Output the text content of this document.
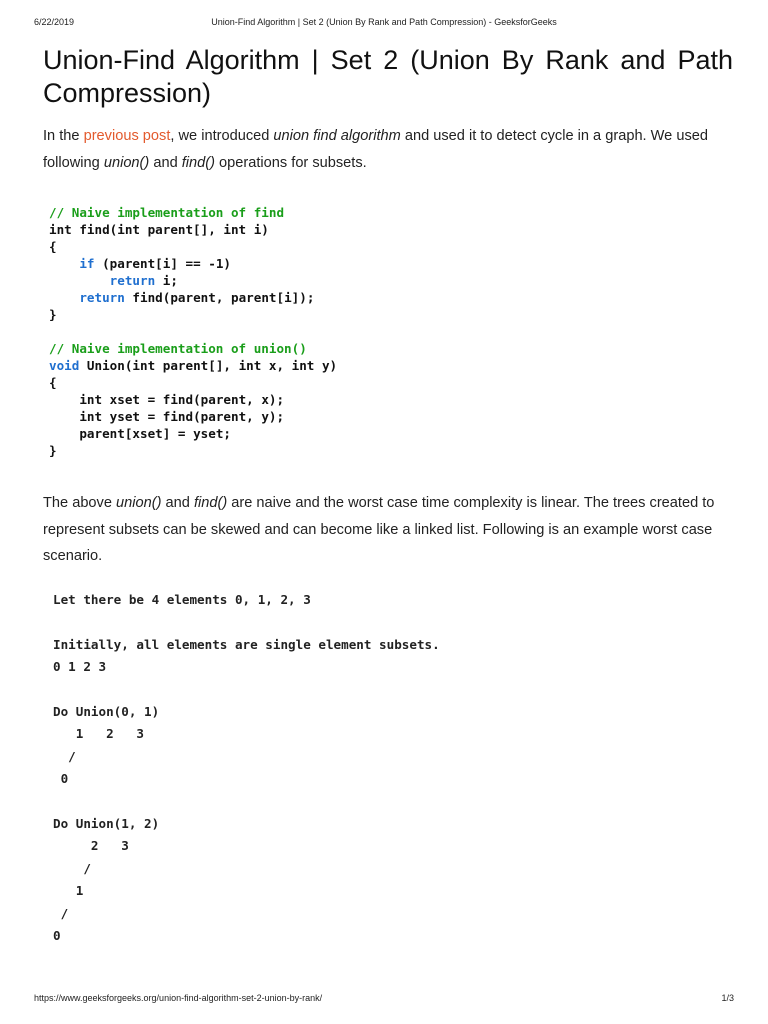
6/22/2019	Union-Find Algorithm | Set 2 (Union By Rank and Path Compression) - GeeksforGeeks
Union-Find Algorithm | Set 2 (Union By Rank and Path Compression)

In the previous post, we introduced union find algorithm and used it to detect cycle in a graph. We used following union() and find() operations for subsets.

// Naive implementation of find
int find(int parent[], int i)
{
if (parent[i] == -1)
return i;
return find(parent, parent[i]);
}

// Naive implementation of union()
void Union(int parent[], int x, int y)
{
int xset = find(parent, x);
int yset = find(parent, y);
parent[xset] = yset;
}

The above union() and find() are naive and the worst case time complexity is linear. The trees created to represent subsets can be skewed and can become like a linked list. Following is an example worst case scenario.

Let there be 4 elements 0, 1, 2, 3

Initially, all elements are single element subsets.
0 1 2 3

Do Union(0, 1)
1   2   3
/
0

Do Union(1, 2)
2   3
/
1
/
0
https://www.geeksforgeeks.org/union-find-algorithm-set-2-union-by-rank/	1/3
